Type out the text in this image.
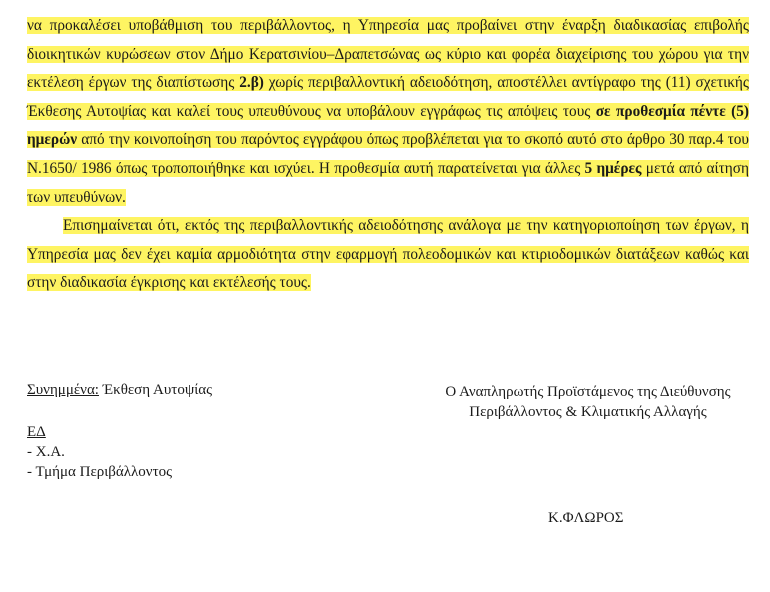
να προκαλέσει υποβάθμιση του περιβάλλοντος, η Υπηρεσία μας προβαίνει στην έναρξη διαδικασίας επιβολής διοικητικών κυρώσεων στον Δήμο Κερατσινίου–Δραπετσώνας ως κύριο και φορέα διαχείρισης του χώρου για την εκτέλεση έργων της διαπίστωσης 2.β) χωρίς περιβαλλοντική αδειοδότηση, αποστέλλει αντίγραφο της (11) σχετικής Έκθεσης Αυτοψίας και καλεί τους υπευθύνους να υποβάλουν εγγράφως τις απόψεις τους σε προθεσμία πέντε (5) ημερών από την κοινοποίηση του παρόντος εγγράφου όπως προβλέπεται για το σκοπό αυτό στο άρθρο 30 παρ.4 του Ν.1650/ 1986 όπως τροποποιήθηκε και ισχύει. Η προθεσμία αυτή παρατείνεται για άλλες 5 ημέρες μετά από αίτηση των υπευθύνων.

Επισημαίνεται ότι, εκτός της περιβαλλοντικής αδειοδότησης ανάλογα με την κατηγοριοποίηση των έργων, η Υπηρεσία μας δεν έχει καμία αρμοδιότητα στην εφαρμογή πολεοδομικών και κτιριοδομικών διατάξεων καθώς και στην διαδικασία έγκρισης και εκτέλεσής τους.

Συνημμένα: Έκθεση Αυτοψίας
ΕΔ
- Χ.Α.
- Τμήμα Περιβάλλοντος
Ο Αναπληρωτής Προϊστάμενος της Διεύθυνσης
Περιβάλλοντος & Κλιματικής Αλλαγής
Κ.ΦΛΩΡΟΣ
